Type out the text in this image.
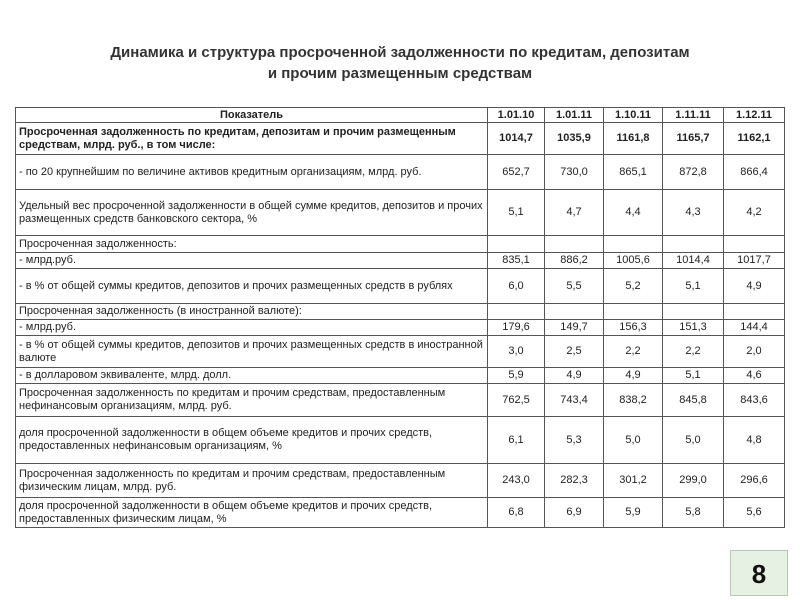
Динамика и структура просроченной задолженности по кредитам, депозитам
и прочим размещенным средствам
Показатель	1.01.10	1.01.11	1.10.11	1.11.11	1.12.11
Просроченная задолженность по кредитам, депозитам и прочим размещенным средствам, млрд. руб., в том числе:	1014,7	1035,9	1161,8	1165,7	1162,1
- по 20 крупнейшим по величине активов кредитным организациям, млрд. руб.	652,7	730,0	865,1	872,8	866,4
Удельный вес просроченной задолженности в общей сумме кредитов, депозитов и прочих размещенных средств банковского сектора, %	5,1	4,7	4,4	4,3	4,2
Просроченная задолженность:					
- млрд.руб.	835,1	886,2	1005,6	1014,4	1017,7
- в % от общей суммы кредитов, депозитов и прочих размещенных средств в рублях	6,0	5,5	5,2	5,1	4,9
Просроченная задолженность (в иностранной валюте):					
- млрд.руб.	179,6	149,7	156,3	151,3	144,4
- в % от общей суммы кредитов, депозитов и прочих размещенных средств в иностранной валюте	3,0	2,5	2,2	2,2	2,0
- в долларовом эквиваленте, млрд. долл.	5,9	4,9	4,9	5,1	4,6
Просроченная задолженность по кредитам и прочим средствам, предоставленным нефинансовым организациям, млрд. руб.	762,5	743,4	838,2	845,8	843,6
доля просроченной задолженности в общем объеме кредитов и прочих средств, предоставленных нефинансовым организациям, %	6,1	5,3	5,0	5,0	4,8
Просроченная задолженность по кредитам и прочим средствам, предоставленным физическим лицам, млрд. руб.	243,0	282,3	301,2	299,0	296,6
доля просроченной задолженности в общем объеме кредитов и прочих средств, предоставленных физическим лицам, %	6,8	6,9	5,9	5,8	5,6
8
